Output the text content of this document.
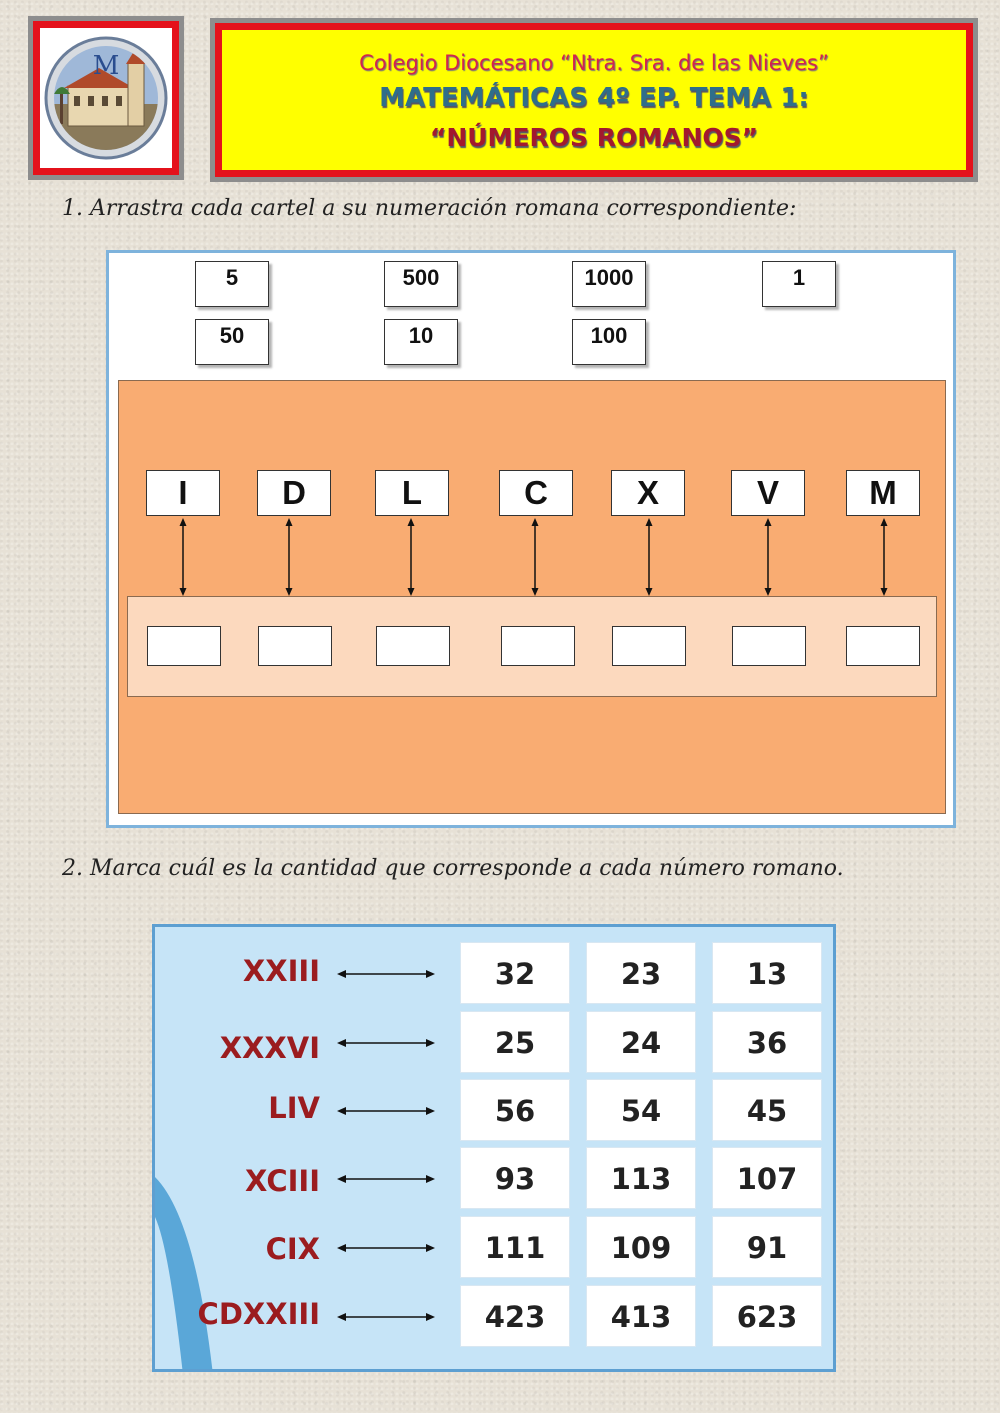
M	Colegio Diocesano “Ntra. Sra. de las Nieves”
MATEMÁTICAS 4º EP. TEMA 1:
“NÚMEROS ROMANOS”
1. Arrastra cada cartel a su numeración romana correspondiente:
5	500	1000	1
50	10	100
I	D	L	C	X	V	M
2. Marca cuál es la cantidad que corresponde a cada número romano.
XXIII	32	23	13
XXXVI	25	24	36
LIV	56	54	45
XCIII	93	113	107
CIX	111	109	91
CDXXIII	423	413	623
